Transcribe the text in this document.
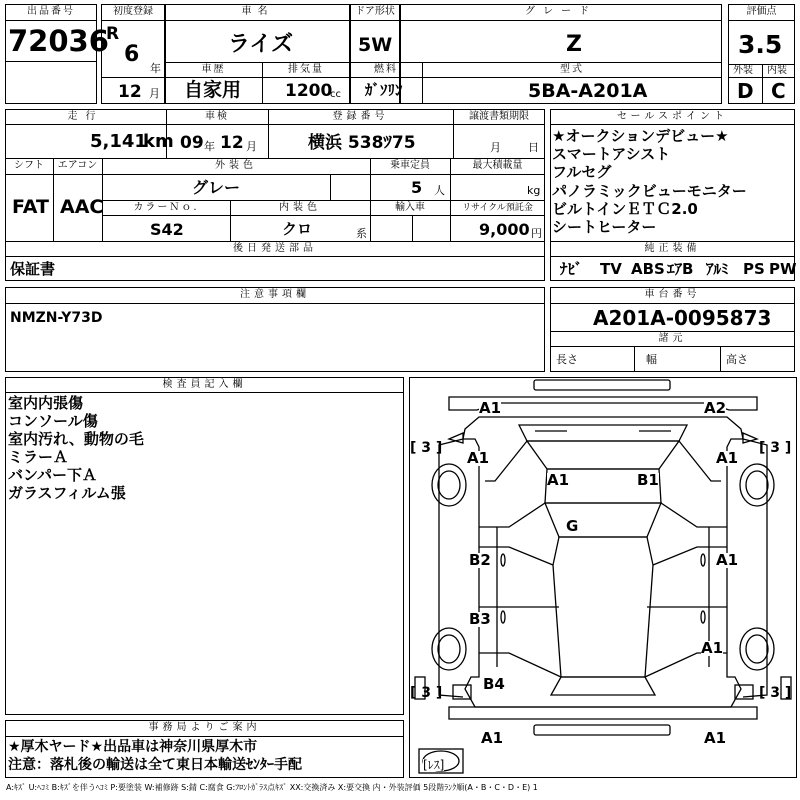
出品番号
72036
初度登録
R
6
年
12 月
車名
ライズ
ドア形状
5W
グレード
Z
評価点
3.5
外装 内装
D C
車歴
自家用
排気量
1200
cc
燃料
ｶﾞｿﾘﾝ
型式
5BA-A201A
走行
5,141
km
車検
09 年 12 月
登録番号
横浜 538ﾂ75
譲渡書類期限
月 日
シフト	エアコン
FAT AAC
外装色
グレー
乗車定員
5 人
最大積載量
kg
カラーＮｏ.
S42
内装色
クロ	系
輸入車	リサイクル預託金
9,000 円
後日発送部品
保証書
セールスポイント
★オークションデビュー★
スマートアシスト
フルセグ
パノラミックビューモニター
ビルトインＥＴＣ2.0
シートヒーター
純正装備
ﾅﾋﾞ TV ABS ｴｱB ｱﾙﾐ PS PW
注意事項欄
NMZN-Y73D
車台番号
A201A-0095873
諸元
長さ	幅	高さ
検査員記入欄
室内内張傷
コンソール傷
室内汚れ、動物の毛
ミラーＡ
バンパー下Ａ
ガラスフィルム張
事務局よりご案内
★厚木ヤード★出品車は神奈川県厚木市
注意：落札後の輸送は全て東日本輸送ｾﾝﾀｰ手配
[ 3 ]	[ 3 ]
[ 3 ]	[ 3 ]
[ﾚｽ]
A1	A2
A1	A1
A1	B1
G
B2	A1
B3
A1
B4
A1	A1
A:ｷｽﾞ U:ﾍｺﾐ B:ｷｽﾞを伴うﾍｺﾐ P:要塗装 W:補修跡 S:錆 C:腐食 G:ﾌﾛﾝﾄｶﾞﾗｽ点ｷｽﾞ XX:交換済み X:要交換 内・外装評価 5段階ﾗﾝｸ順(A・B・C・D・E) 1
